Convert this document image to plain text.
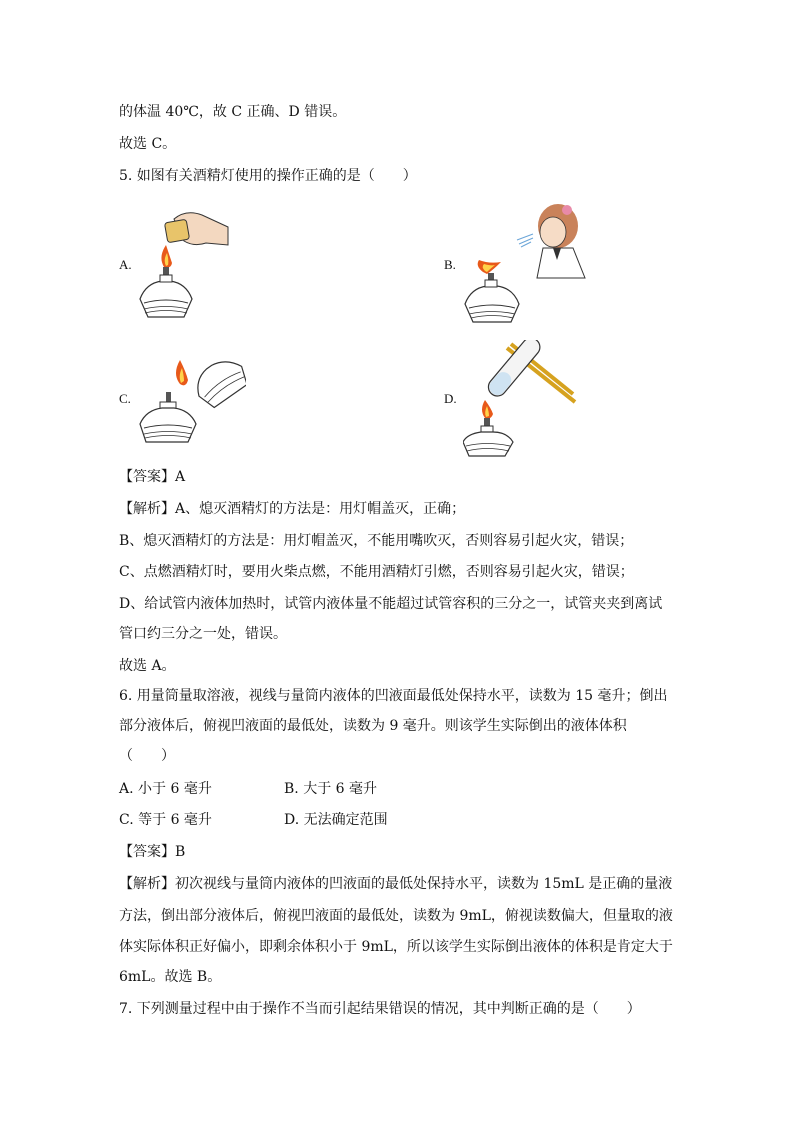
的体温 40℃，故 C 正确、D 错误。
故选 C。
5. 如图有关酒精灯使用的操作正确的是（　　）
A.	B.
C.	D.
【答案】A
【解析】A、熄灭酒精灯的方法是：用灯帽盖灭，正确；
B、熄灭酒精灯的方法是：用灯帽盖灭，不能用嘴吹灭，否则容易引起火灾，错误；
C、点燃酒精灯时，要用火柴点燃，不能用酒精灯引燃，否则容易引起火灾，错误；
D、给试管内液体加热时，试管内液体量不能超过试管容积的三分之一，试管夹夹到离试
管口约三分之一处，错误。
故选 A。
6. 用量筒量取溶液，视线与量筒内液体的凹液面最低处保持水平，读数为 15 毫升；倒出
部分液体后，俯视凹液面的最低处，读数为 9 毫升。则该学生实际倒出的液体体积
（　　）
A. 小于 6 毫升	B. 大于 6 毫升
C. 等于 6 毫升	D. 无法确定范围
【答案】B
【解析】初次视线与量筒内液体的凹液面的最低处保持水平，读数为 15mL 是正确的量液
方法，倒出部分液体后，俯视凹液面的最低处，读数为 9mL，俯视读数偏大，但量取的液
体实际体积正好偏小，即剩余体积小于 9mL，所以该学生实际倒出液体的体积是肯定大于
6mL。故选 B。
7. 下列测量过程中由于操作不当而引起结果错误的情况，其中判断正确的是（　　）
